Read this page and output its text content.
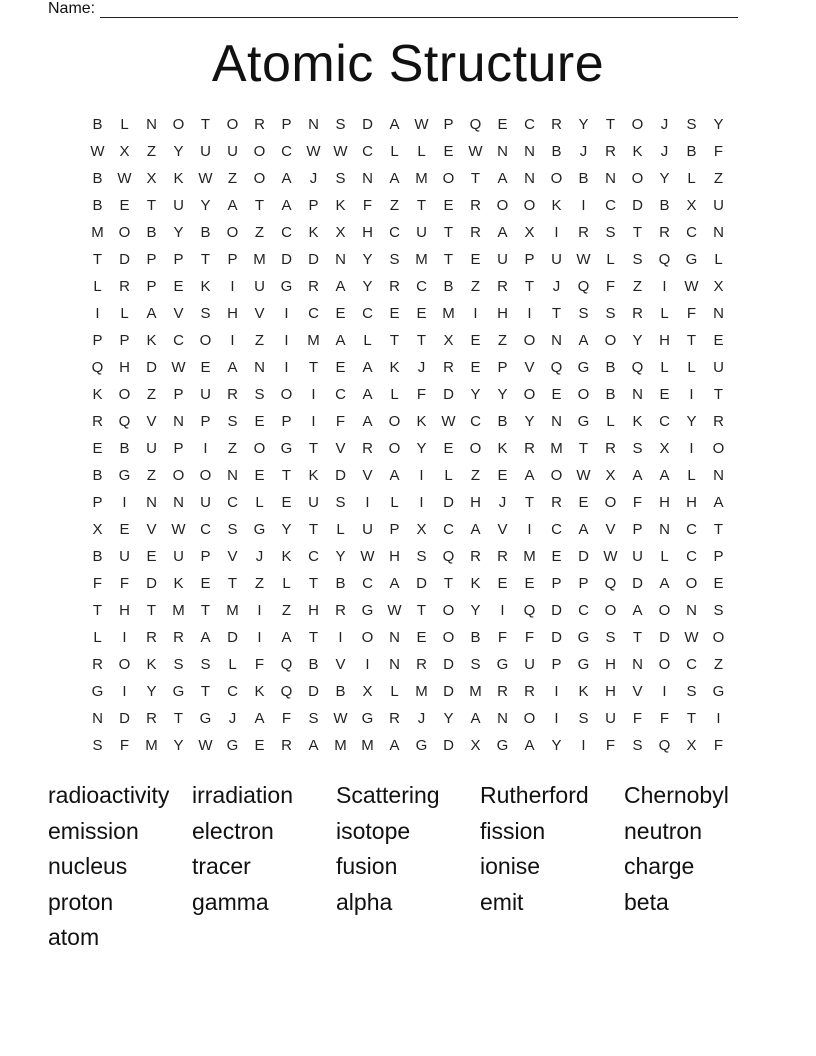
Name:
Atomic Structure
B	L	N	O	T	O	R	P	N	S	D	A W P	Q	E	C	R	Y	T	O	J	S	Y
W X	Z	Y	U	U	O	C W W C	L	L	E W N	N	B	J	R	K	J	B	F
B W X	K W	Z	O	A	J	S	N	A	M O	T	A	N	O	B	N	O	Y	L	Z
B	E	T	U	Y	A	T	A	P	K	F	Z	T	E	R	O	O	K	I	C	D	B	X	U
M O	B	Y	B	O	Z	C	K	X	H	C	U	T	R	A	X	I	R	S	T	R	C	N
T	D	P	P	T	P	M	D	D	N	Y	S	M	T	E	U	P	U W	L	S	Q	G	L
L	R	P	E	K	I	U	G	R	A	Y	R	C	B	Z	R	T	J	Q	F	Z	I	W X
I	L	A	V	S	H	V	I	C	E	C	E	E	M	I	H	I	T	S	S	R	L	F	N
P	P	K	C	O	I	Z	I	M	A	L	T	T	X	E	Z	O	N	A	O	Y	H	T	E
Q	H	D W E	A	N	I	T	E	A	K	J	R	E	P	V	Q	G	B	Q	L	L	U
K	O	Z	P	U	R	S	O	I	C	A	L	F	D	Y	Y	O	E	O	B	N	E	I	T
R	Q	V	N	P	S	E	P	I	F	A	O	K W C	B	Y	N	G	L	K	C	Y	R
E	B	U	P	I	Z	O	G	T	V	R	O	Y	E	O	K	R	M	T	R	S	X	I	O
B	G	Z	O	O	N	E	T	K	D	V	A	I	L	Z	E	A	O W X	A	A	L	N
P	I	N	N	U	C	L	E	U	S	I	L	I	D	H	J	T	R	E	O	F	H	H	A
X	E	V W C	S	G	Y	T	L	U	P	X	C	A	V	I	C	A	V	P	N	C	T
B	U	E	U	P	V	J	K	C	Y W H	S	Q	R	R	M	E	D W U	L	C	P
F	F	D	K	E	T	Z	L	T	B	C	A	D	T	K	E	E	P	P	Q	D	A	O	E
T	H	T	M	T	M	I	Z	H	R	G W	T	O	Y	I	Q	D	C	O	A	O	N	S
L	I	R	R	A	D	I	A	T	I	O	N	E	O	B	F	F	D	G	S	T	D W O
R	O	K	S	S	L	F	Q	B	V	I	N	R	D	S	G	U	P	G	H	N	O	C	Z
G	I	Y	G	T	C	K	Q	D	B	X	L	M	D	M	R	R	I	K	H	V	I	S	G
N	D	R	T	G	J	A	F	S W G	R	J	Y	A	N	O	I	S	U	F	F	T	I
S	F	M	Y W G	E	R	A	M M	A	G	D	X	G	A	Y	I	F	S	Q	X	F
radioactivity irradiation	Scattering	Rutherford	Chernobyl
emission	electron	isotope	fission	neutron
nucleus	tracer	fusion	ionise	charge
proton	gamma	alpha	emit	beta
atom
